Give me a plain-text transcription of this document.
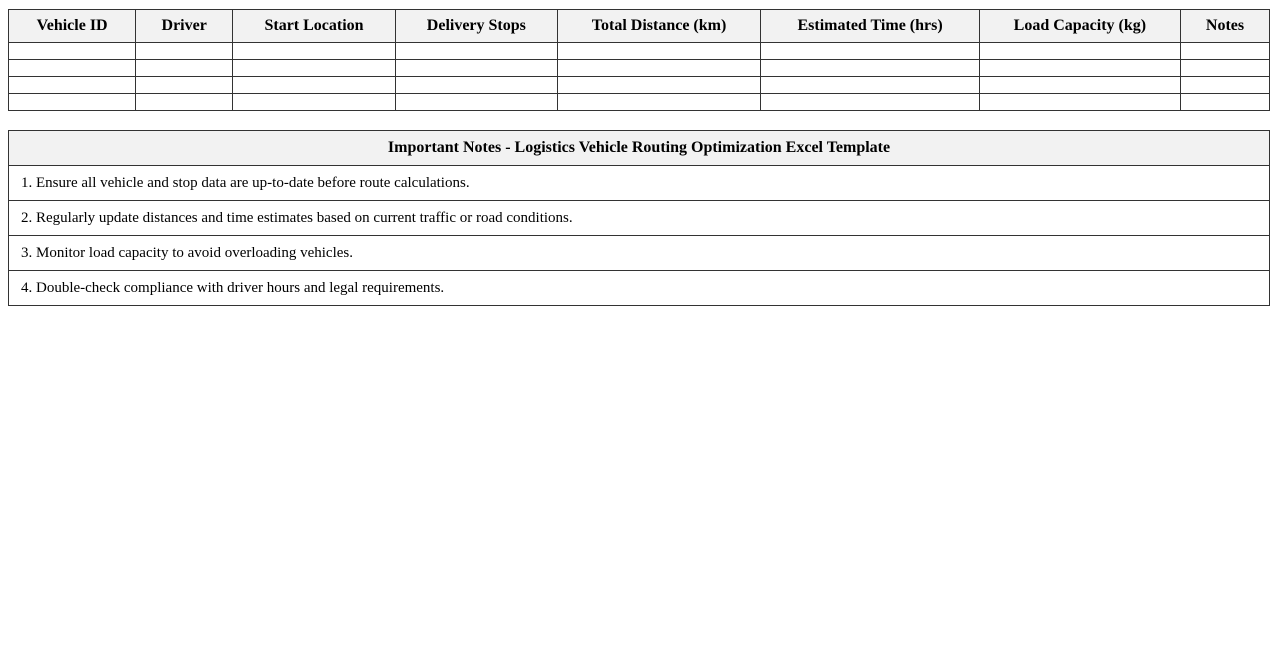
Vehicle ID	Driver	Start Location	Delivery Stops	Total Distance (km)	Estimated Time (hrs)	Load Capacity (kg)	Notes

Important Notes - Logistics Vehicle Routing Optimization Excel Template
1. Ensure all vehicle and stop data are up-to-date before route calculations.
2. Regularly update distances and time estimates based on current traffic or road conditions.
3. Monitor load capacity to avoid overloading vehicles.
4. Double-check compliance with driver hours and legal requirements.
